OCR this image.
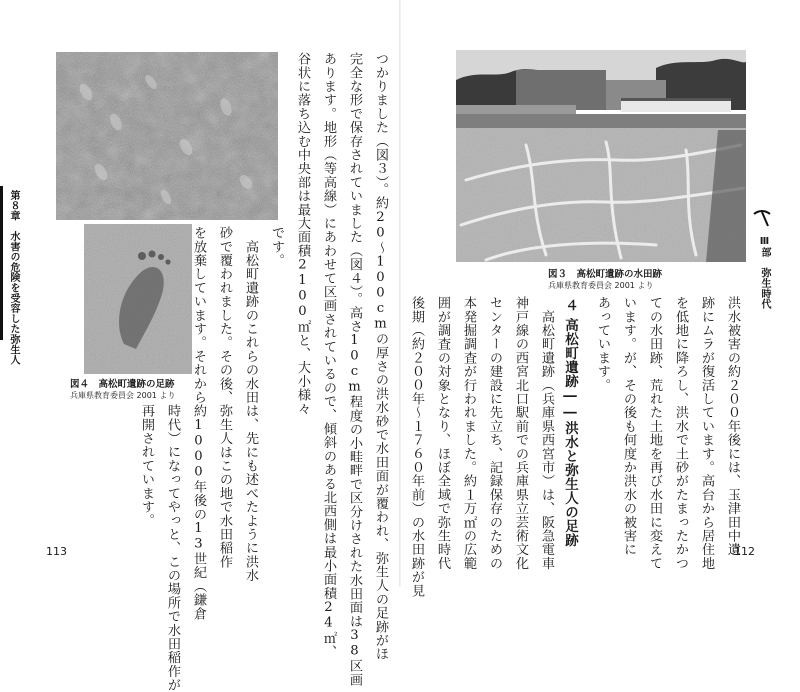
第８章　水害の危険を受容した弥生人
図４　高松町遺跡の足跡
兵庫県教育委員会 2001 より	つかりました（図３）。約20～100cmの厚さの洪水砂で水田面が覆われ、弥生人の足跡がほ
完全な形で保存されていました（図４）。高さ10cm程度の小畦畔で区分けされた水田面は38区画
あります。地形（等高線）にあわせて区画されているので、傾斜のある北西側は最小面積24㎡、
谷状に落ち込む中央部は最大面積2100㎡と、大小様々
です。
　高松町遺跡のこれらの水田は、先にも述べたように洪水
砂で覆われました。その後、弥生人はこの地で水田稲作
を放棄しています。それから約1000年後の13世紀（鎌倉
時代）になってやっと、この場所で水田稲作が
再開されています。
113
図３　高松町遺跡の水田跡
兵庫県教育委員会 2001 より	Ⅲ部　弥生時代
洪水被害の約２００年後には、玉津田中遺
跡にムラが復活しています。高台から居住地
を低地に降ろし、洪水で土砂がたまったかつ
ての水田跡、荒れた土地を再び水田に変えて
います。が、その後も何度か洪水の被害に
あっています。
４高松町遺跡――洪水と弥生人の足跡
　高松町遺跡（兵庫県西宮市）は、阪急電車
神戸線の西宮北口駅前での兵庫県立芸術文化
センターの建設に先立ち、記録保存のための
本発掘調査が行われました。約１万㎡の広範
囲が調査の対象となり、ほぼ全域で弥生時代
後期（約２００年～１７６０年前）の水田跡が見	112
